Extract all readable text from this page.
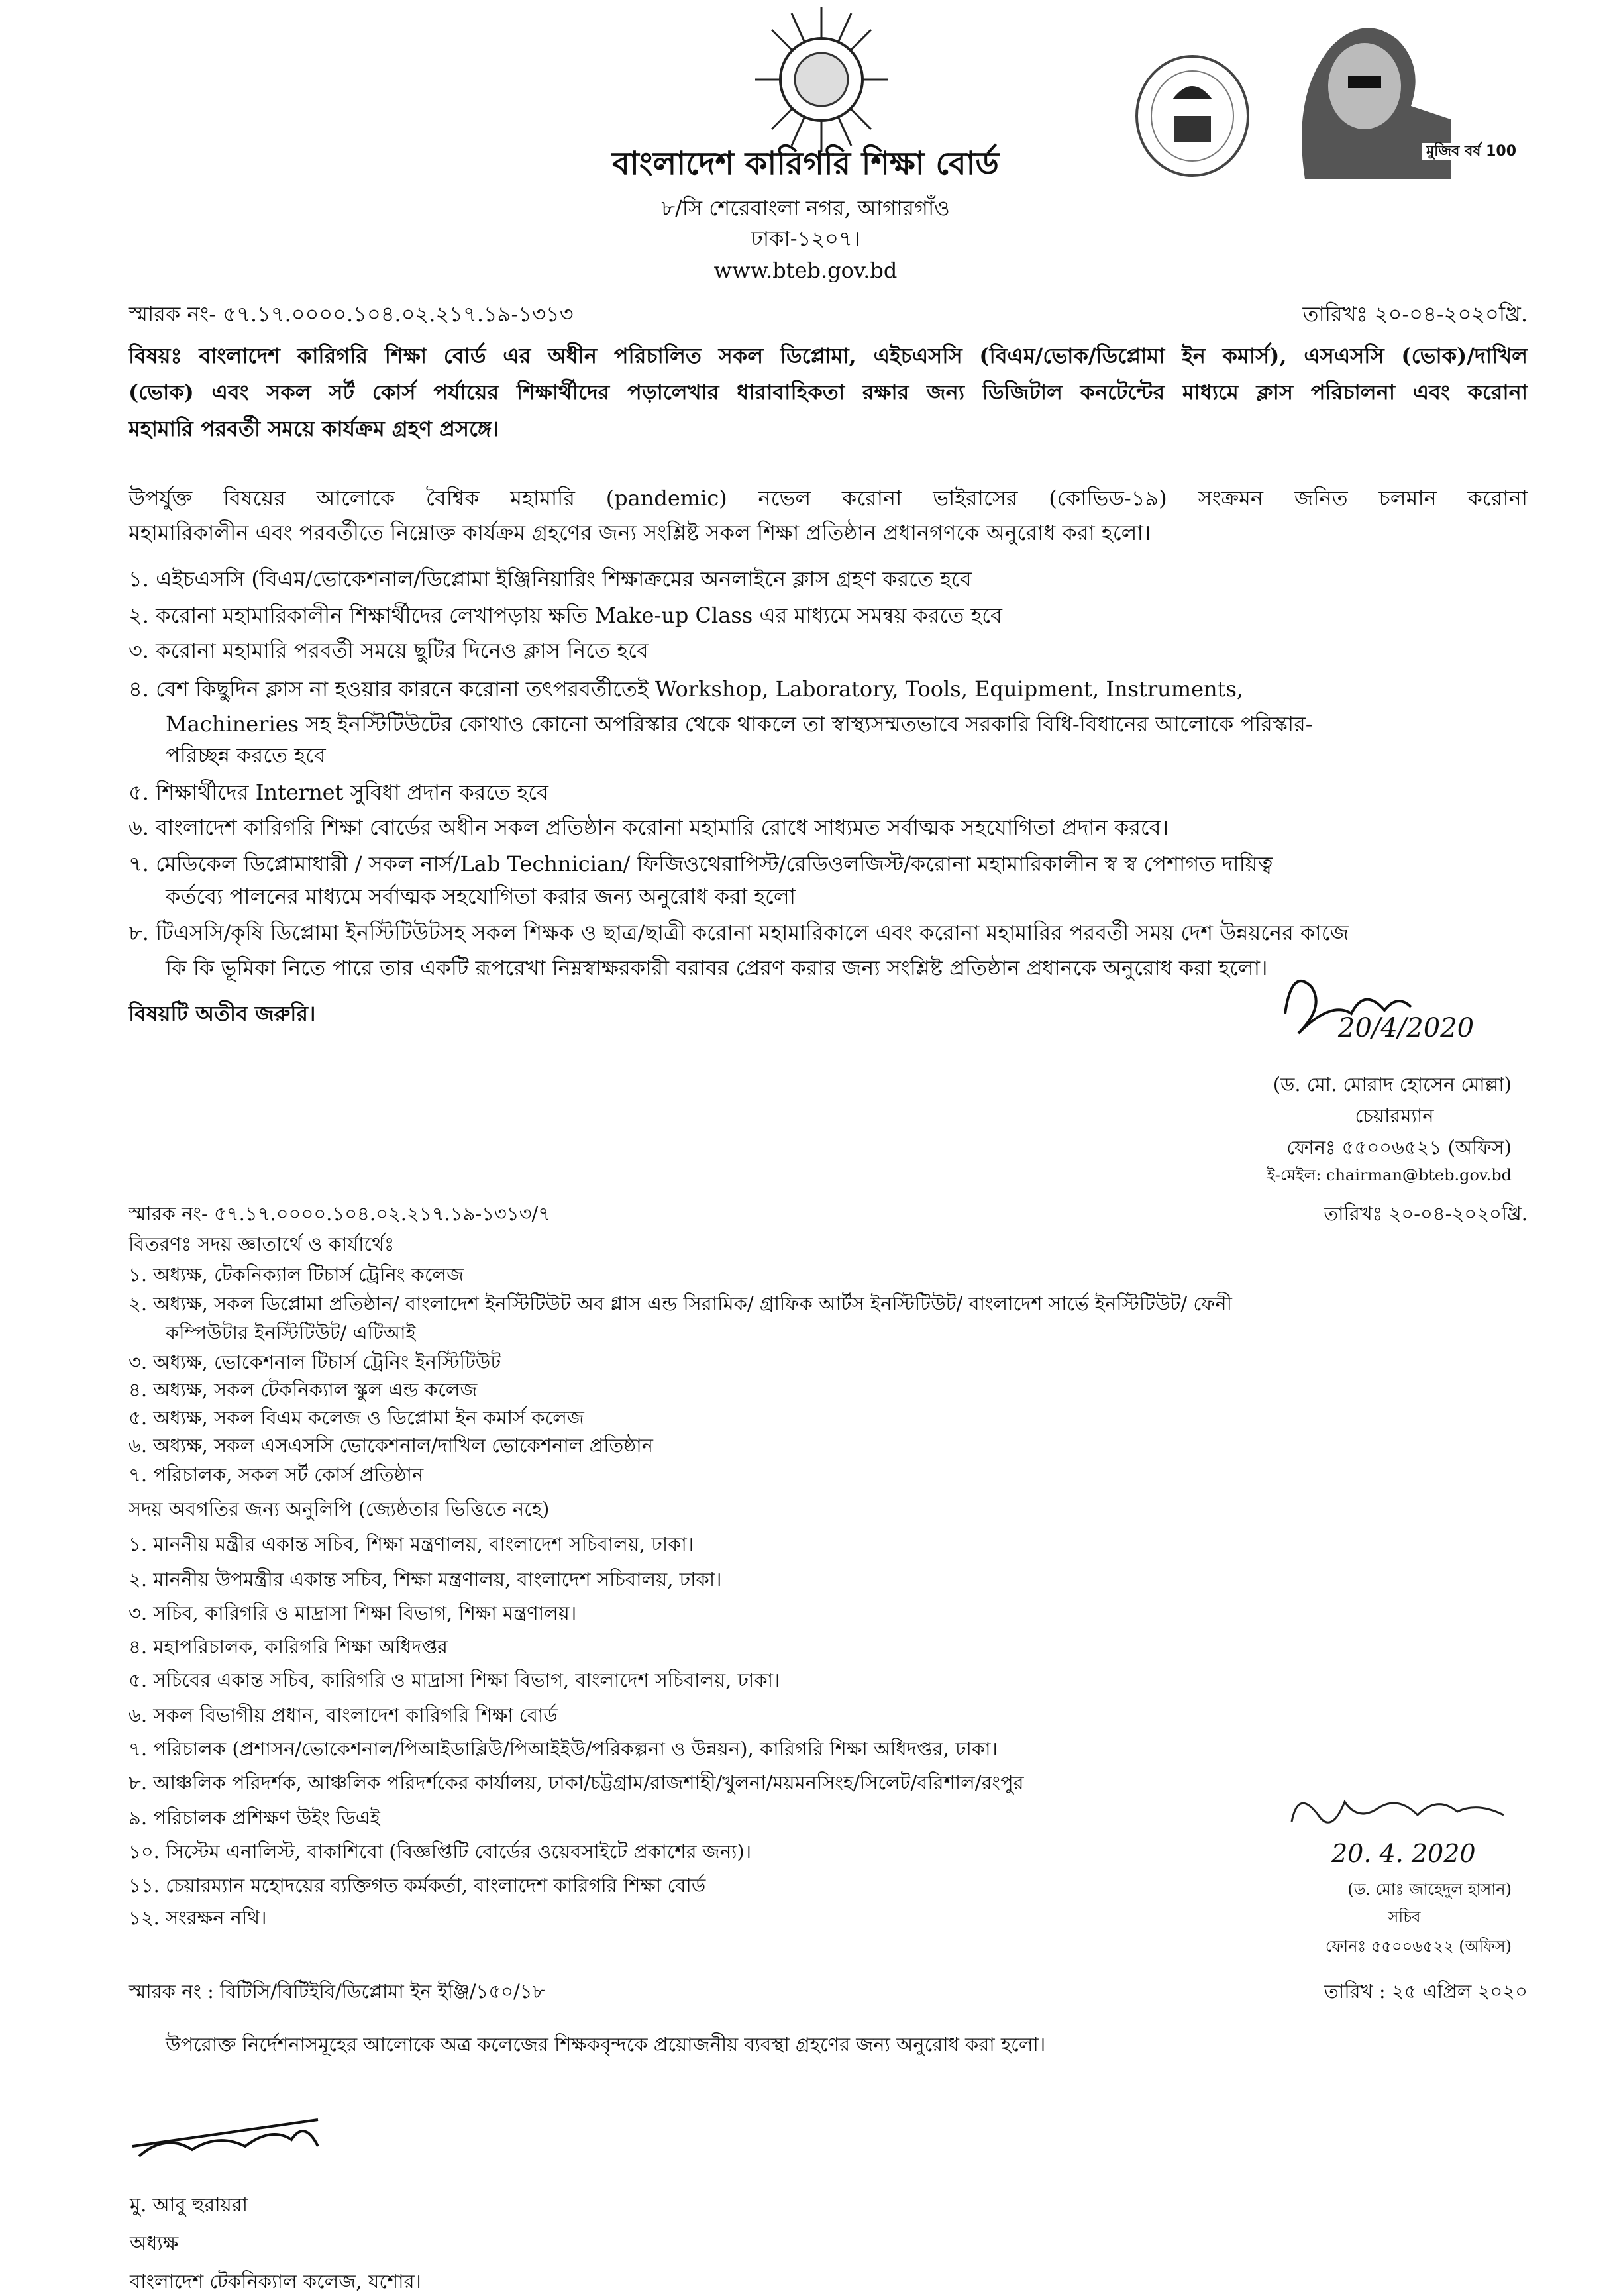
মুজিব বর্ষ 100
বাংলাদেশ কারিগরি শিক্ষা বোর্ড
৮/সি শেরেবাংলা নগর, আগারগাঁও
ঢাকা-১২০৭।
www.bteb.gov.bd
স্মারক নং- ৫৭.১৭.০০০০.১০৪.০২.২১৭.১৯-১৩১৩	তারিখঃ ২০-০৪-২০২০খ্রি.
বিষয়ঃ বাংলাদেশ কারিগরি শিক্ষা বোর্ড এর অধীন পরিচালিত সকল ডিপ্লোমা, এইচএসসি (বিএম/ভোক/ডিপ্লোমা ইন কমার্স), এসএসসি (ভোক)/দাখিল
(ভোক) এবং সকল সর্ট কোর্স পর্যায়ের শিক্ষার্থীদের পড়ালেখার ধারাবাহিকতা রক্ষার জন্য ডিজিটাল কনটেন্টের মাধ্যমে ক্লাস পরিচালনা এবং করোনা
মহামারি পরবর্তী সময়ে কার্যক্রম গ্রহণ প্রসঙ্গে।
উপর্যুক্ত বিষয়ের আলোকে বৈশ্বিক মহামারি (pandemic) নভেল করোনা ভাইরাসের (কোভিড-১৯) সংক্রমন জনিত চলমান করোনা
মহামারিকালীন এবং পরবর্তীতে নিম্নোক্ত কার্যক্রম গ্রহণের জন্য সংশ্লিষ্ট সকল শিক্ষা প্রতিষ্ঠান প্রধানগণকে অনুরোধ করা হলো।
১. এইচএসসি (বিএম/ভোকেশনাল/ডিপ্লোমা ইঞ্জিনিয়ারিং শিক্ষাক্রমের অনলাইনে ক্লাস গ্রহণ করতে হবে
২. করোনা মহামারিকালীন শিক্ষার্থীদের লেখাপড়ায় ক্ষতি Make-up Class এর মাধ্যমে সমন্বয় করতে হবে
৩. করোনা মহামারি পরবর্তী সময়ে ছুটির দিনেও ক্লাস নিতে হবে
৪. বেশ কিছুদিন ক্লাস না হওয়ার কারনে করোনা তৎপরবর্তীতেই Workshop, Laboratory, Tools, Equipment, Instruments,
Machineries সহ ইনস্টিটিউটের কোথাও কোনো অপরিস্কার থেকে থাকলে তা স্বাস্থ্যসম্মতভাবে সরকারি বিধি-বিধানের আলোকে পরিস্কার-
পরিচ্ছন্ন করতে হবে
৫. শিক্ষার্থীদের Internet সুবিধা প্রদান করতে হবে
৬. বাংলাদেশ কারিগরি শিক্ষা বোর্ডের অধীন সকল প্রতিষ্ঠান করোনা মহামারি রোধে সাধ্যমত সর্বাত্মক সহযোগিতা প্রদান করবে।
৭. মেডিকেল ডিপ্লোমাধারী / সকল নার্স/Lab Technician/ ফিজিওথেরাপিস্ট/রেডিওলজিস্ট/করোনা মহামারিকালীন স্ব স্ব পেশাগত দায়িত্ব
কর্তব্যে পালনের মাধ্যমে সর্বাত্মক সহযোগিতা করার জন্য অনুরোধ করা হলো
৮. টিএসসি/কৃষি ডিপ্লোমা ইনস্টিটিউটসহ সকল শিক্ষক ও ছাত্র/ছাত্রী করোনা মহামারিকালে এবং করোনা মহামারির পরবর্তী সময় দেশ উন্নয়নের কাজে
কি কি ভূমিকা নিতে পারে তার একটি রূপরেখা নিম্নস্বাক্ষরকারী বরাবর প্রেরণ করার জন্য সংশ্লিষ্ট প্রতিষ্ঠান প্রধানকে অনুরোধ করা হলো।
বিষয়টি অতীব জরুরি।	20/4/2020
(ড. মো. মোরাদ হোসেন মোল্লা)
চেয়ারম্যান
ফোনঃ ৫৫০০৬৫২১ (অফিস)
ই-মেইল: chairman@bteb.gov.bd
স্মারক নং- ৫৭.১৭.০০০০.১০৪.০২.২১৭.১৯-১৩১৩/৭	তারিখঃ ২০-০৪-২০২০খ্রি.
বিতরণঃ সদয় জ্ঞাতার্থে ও কার্যার্থেঃ
১. অধ্যক্ষ, টেকনিক্যাল টিচার্স ট্রেনিং কলেজ
২. অধ্যক্ষ, সকল ডিপ্লোমা প্রতিষ্ঠান/ বাংলাদেশ ইনস্টিটিউট অব গ্লাস এন্ড সিরামিক/ গ্রাফিক আর্টস ইনস্টিটিউট/ বাংলাদেশ সার্ভে ইনস্টিটিউট/ ফেনী
কম্পিউটার ইনস্টিটিউট/ এটিআই
৩. অধ্যক্ষ, ভোকেশনাল টিচার্স ট্রেনিং ইনস্টিটিউট
৪. অধ্যক্ষ, সকল টেকনিক্যাল স্কুল এন্ড কলেজ
৫. অধ্যক্ষ, সকল বিএম কলেজ ও ডিপ্লোমা ইন কমার্স কলেজ
৬. অধ্যক্ষ, সকল এসএসসি ভোকেশনাল/দাখিল ভোকেশনাল প্রতিষ্ঠান
৭. পরিচালক, সকল সর্ট কোর্স প্রতিষ্ঠান
সদয় অবগতির জন্য অনুলিপি (জ্যেষ্ঠতার ভিত্তিতে নহে)
১. মাননীয় মন্ত্রীর একান্ত সচিব, শিক্ষা মন্ত্রণালয়, বাংলাদেশ সচিবালয়, ঢাকা।
২. মাননীয় উপমন্ত্রীর একান্ত সচিব, শিক্ষা মন্ত্রণালয়, বাংলাদেশ সচিবালয়, ঢাকা।
৩. সচিব, কারিগরি ও মাদ্রাসা শিক্ষা বিভাগ, শিক্ষা মন্ত্রণালয়।
৪. মহাপরিচালক, কারিগরি শিক্ষা অধিদপ্তর
৫. সচিবের একান্ত সচিব, কারিগরি ও মাদ্রাসা শিক্ষা বিভাগ, বাংলাদেশ সচিবালয়, ঢাকা।
৬. সকল বিভাগীয় প্রধান, বাংলাদেশ কারিগরি শিক্ষা বোর্ড
৭. পরিচালক (প্রশাসন/ভোকেশনাল/পিআইডাব্লিউ/পিআইইউ/পরিকল্পনা ও উন্নয়ন), কারিগরি শিক্ষা অধিদপ্তর, ঢাকা।
৮. আঞ্চলিক পরিদর্শক, আঞ্চলিক পরিদর্শকের কার্যালয়, ঢাকা/চট্টগ্রাম/রাজশাহী/খুলনা/ময়মনসিংহ/সিলেট/বরিশাল/রংপুর
৯. পরিচালক প্রশিক্ষণ উইং ডিএই
১০. সিস্টেম এনালিস্ট, বাকাশিবো (বিজ্ঞপ্তিটি বোর্ডের ওয়েবসাইটে প্রকাশের জন্য)।
১১. চেয়ারম্যান মহোদয়ের ব্যক্তিগত কর্মকর্তা, বাংলাদেশ কারিগরি শিক্ষা বোর্ড
১২. সংরক্ষন নথি।
20. 4. 2020
(ড. মোঃ জাহেদুল হাসান)
সচিব
ফোনঃ ৫৫০০৬৫২২ (অফিস)
স্মারক নং : বিটিসি/বিটিইবি/ডিপ্লোমা ইন ইঞ্জি/১৫০/১৮	তারিখ : ২৫ এপ্রিল ২০২০
উপরোক্ত নির্দেশনাসমূহের আলোকে অত্র কলেজের শিক্ষকবৃন্দকে প্রয়োজনীয় ব্যবস্থা গ্রহণের জন্য অনুরোধ করা হলো।
মু. আবু হুরায়রা
অধ্যক্ষ
বাংলাদেশ টেকনিক্যাল কলেজ, যশোর।
